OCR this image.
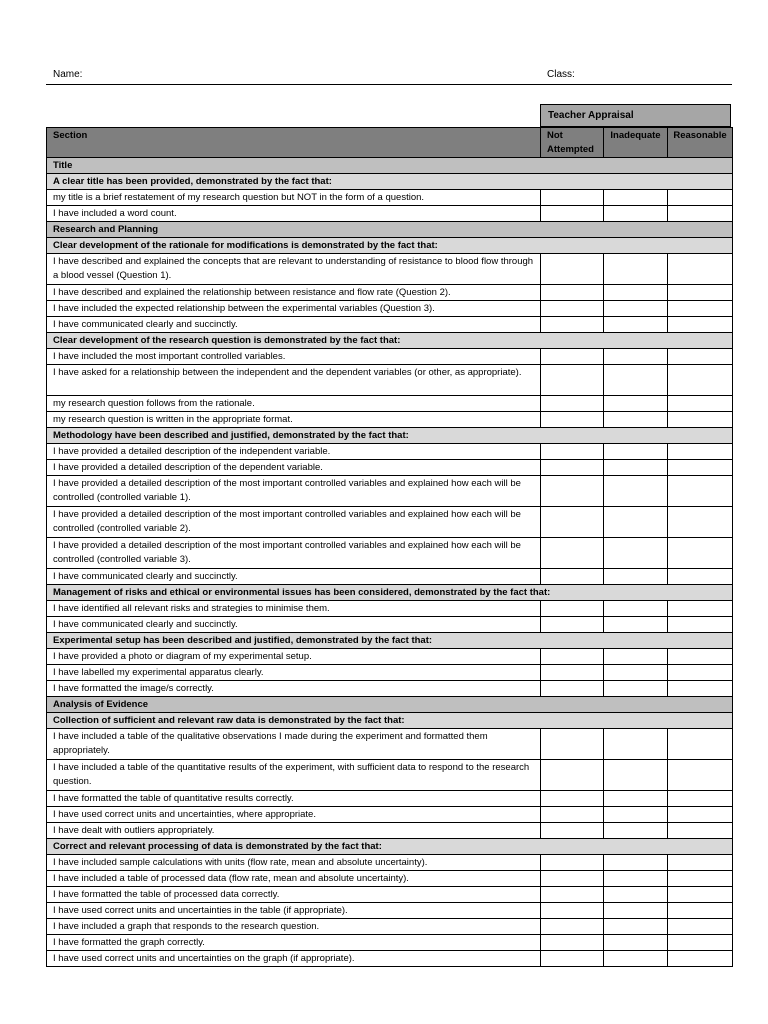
Name:	Class:
Teacher Appraisal
Section	Not Attempted	Inadequate	Reasonable
Title			
A clear title has been provided, demonstrated by the fact that:			
my title is a brief restatement of my research question but NOT in the form of a question.			
I have included a word count.			
Research and Planning			
Clear development of the rationale for modifications is demonstrated by the fact that:			
I have described and explained the concepts that are relevant to understanding of resistance to blood flow through a blood vessel (Question 1).			
I have described and explained the relationship between resistance and flow rate (Question 2).			
I have included the expected relationship between the experimental variables (Question 3).			
I have communicated clearly and succinctly.			
Clear development of the research question is demonstrated by the fact that:			
I have included the most important controlled variables.			
I have asked for a relationship between the independent and the dependent variables (or other, as appropriate).			
my research question follows from the rationale.			
my research question is written in the appropriate format.			
Methodology have been described and justified, demonstrated by the fact that:			
I have provided a detailed description of the independent variable.			
I have provided a detailed description of the dependent variable.			
I have provided a detailed description of the most important controlled variables and explained how each will be controlled (controlled variable 1).			
I have provided a detailed description of the most important controlled variables and explained how each will be controlled (controlled variable 2).			
I have provided a detailed description of the most important controlled variables and explained how each will be controlled (controlled variable 3).			
I have communicated clearly and succinctly.			
Management of risks and ethical or environmental issues has been considered, demonstrated by the fact that:			
I have identified all relevant risks and strategies to minimise them.			
I have communicated clearly and succinctly.			
Experimental setup has been described and justified, demonstrated by the fact that:			
I have provided a photo or diagram of my experimental setup.			
I have labelled my experimental apparatus clearly.			
I have formatted the image/s correctly.			
Analysis of Evidence			
Collection of sufficient and relevant raw data is demonstrated by the fact that:			
I have included a table of the qualitative observations I made during the experiment and formatted them appropriately.			
I have included a table of the quantitative results of the experiment, with sufficient data to respond to the research question.			
I have formatted the table of quantitative results correctly.			
I have used correct units and uncertainties, where appropriate.			
I have dealt with outliers appropriately.			
Correct and relevant processing of data is demonstrated by the fact that:			
I have included sample calculations with units (flow rate, mean and absolute uncertainty).			
I have included a table of processed data (flow rate, mean and absolute uncertainty).			
I have formatted the table of processed data correctly.			
I have used correct units and uncertainties in the table (if appropriate).			
I have included a graph that responds to the research question.			
I have formatted the graph correctly.			
I have used correct units and uncertainties on the graph (if appropriate).			
